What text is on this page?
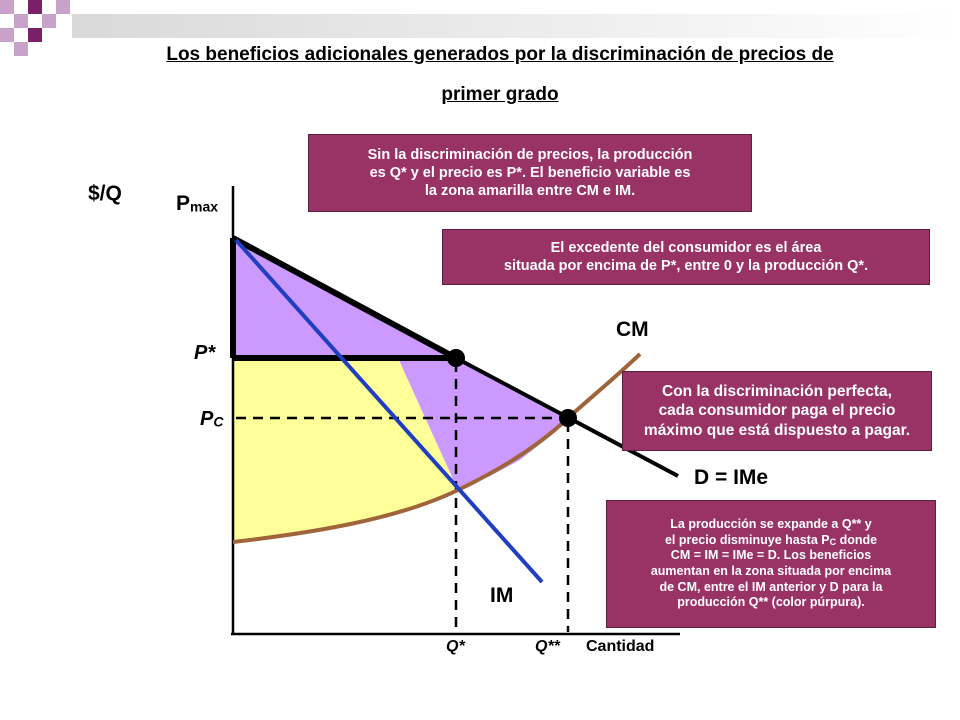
Los beneficios adicionales generados por la discriminación de precios de
primer grado
$/Q	Pmax
P*
PC
Q*	Q** Cantidad
CM
D = IMe
IM
Sin la discriminación de precios, la producción
es Q* y el precio es P*. El beneficio variable es
la zona amarilla entre CM e IM.
El excedente del consumidor es el área
situada por encima de P*, entre 0 y la producción Q*.
Con la discriminación perfecta,
cada consumidor paga el precio
máximo que está dispuesto a pagar.
La producción se expande a Q** y
el precio disminuye hasta PC donde
CM = IM = IMe = D. Los beneficios
aumentan en la zona situada por encima
de CM, entre el IM anterior y D para la
producción Q** (color púrpura).
